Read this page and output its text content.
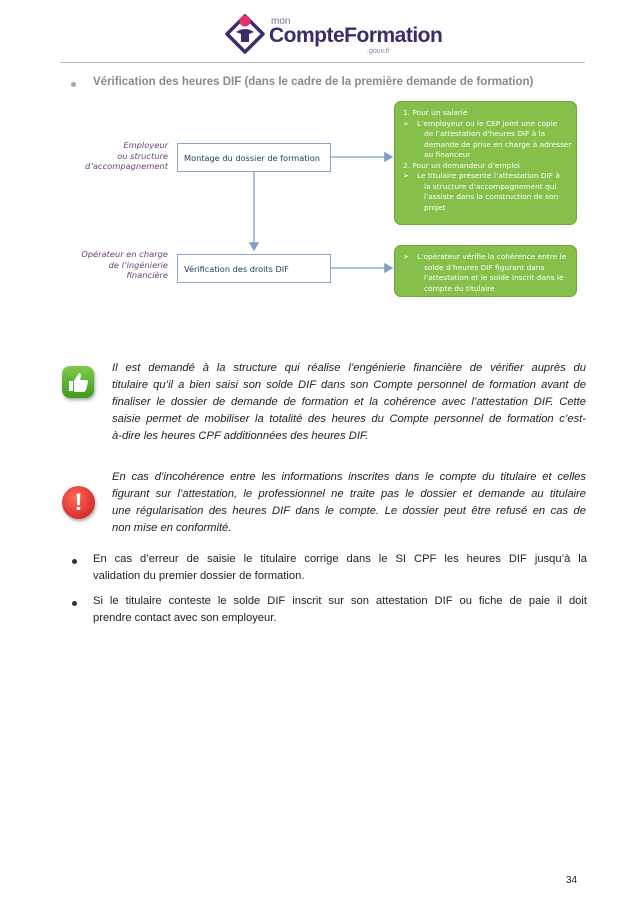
mon
CompteFormation
.gouv.fr
Vérification des heures DIF (dans le cadre de la première demande de formation)
Employeur
ou structure
d’accompagnement
Montage du dossier de formation
Opérateur en charge
de l’ingénierie
financière
Vérification des droits DIF
1. Pour un salarié
➢ L’employeur ou le CEP joint une copie
de l’attestation d’heures DIF à la
demande de prise en charge à adresser
au financeur
2. Pour un demandeur d’emploi
➢ Le titulaire présente l’attestation DIF à
la structure d’accompagnement qui
l’assiste dans la construction de son
projet
➢ L’opérateur vérifie la cohérence entre le
solde d’heures DIF figurant dans
l’attestation et le solde inscrit dans le
compte du titulaire
Il est demandé à la structure qui réalise l’engénierie financière de vérifier auprès du
titulaire qu’il a bien saisi son solde DIF dans son Compte personnel de formation avant de
finaliser le dossier de demande de formation et la cohérence avec l’attestation DIF. Cette
saisie permet de mobiliser la totalité des heures du Compte personnel de formation c’est-
à-dire les heures CPF additionnées des heures DIF.
!
En cas d’incohérence entre les informations inscrites dans le compte du titulaire et celles
figurant sur l’attestation, le professionnel ne traite pas le dossier et demande au titulaire
une régularisation des heures DIF dans le compte. Le dossier peut être refusé en cas de
non mise en conformité.
En cas d’erreur de saisie le titulaire corrige dans le SI CPF les heures DIF jusqu’à la
validation du premier dossier de formation.
Si le titulaire conteste le solde DIF inscrit sur son attestation DIF ou fiche de paie il doit
prendre contact avec son employeur.
34
